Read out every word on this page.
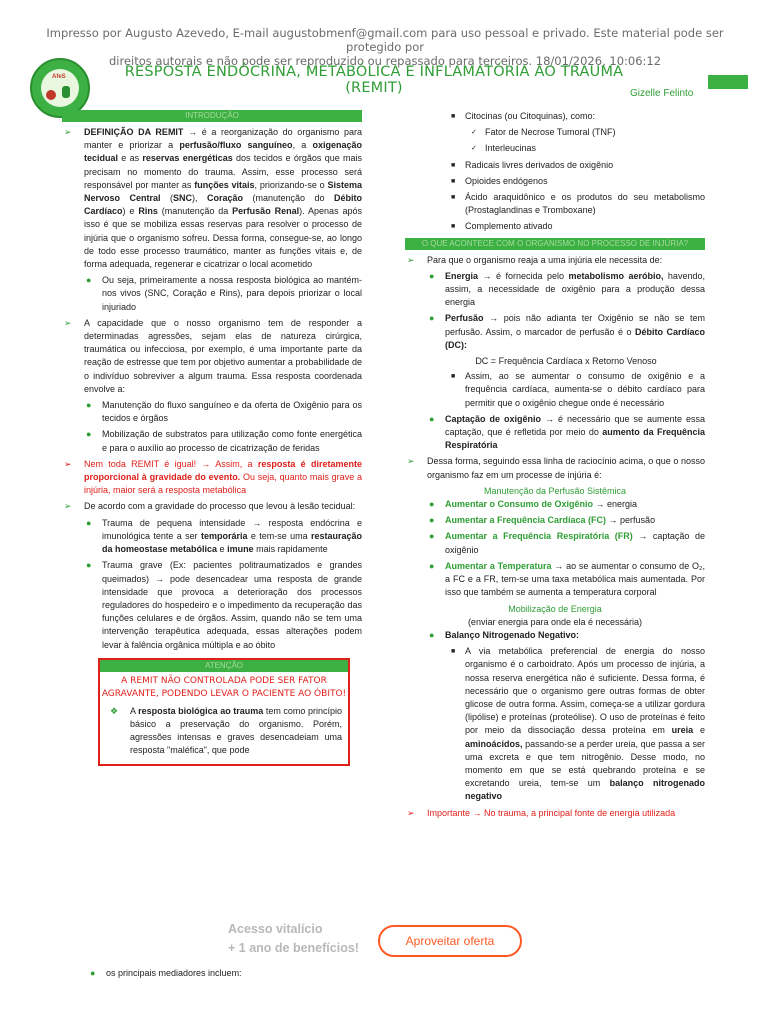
Impresso por Augusto Azevedo, E-mail augustobmenf@gmail.com para uso pessoal e privado. Este material pode ser protegido por
direitos autorais e não pode ser reproduzido ou repassado para terceiros. 18/01/2026, 10:06:12
AfeS	RESPOSTA ENDÓCRINA, METABÓLICA E INFLAMATÓRIA AO TRAUMA (REMIT)	Gizelle Felinto
INTRODUÇÃO
➢ DEFINIÇÃO DA REMIT → é a reorganização do organismo para manter e priorizar a perfusão/fluxo sanguíneo, a oxigenação tecidual e as reservas energéticas dos tecidos e órgãos que mais precisam no momento do trauma. Assim, esse processo será responsável por manter as funções vitais, priorizando-se o Sistema Nervoso Central (SNC), Coração (manutenção do Débito Cardíaco) e Rins (manutenção da Perfusão Renal). Apenas após isso é que se mobiliza essas reservas para resolver o processo de injúria que o organismo sofreu. Dessa forma, consegue-se, ao longo de todo esse processo traumático, manter as funções vitais e, de forma adequada, regenerar e cicatrizar o local acometido
● Ou seja, primeiramente a nossa resposta biológica ao mantém-nos vivos (SNC, Coração e Rins), para depois priorizar o local injuriado
➢ A capacidade que o nosso organismo tem de responder a determinadas agressões, sejam elas de natureza cirúrgica, traumática ou infecciosa, por exemplo, é uma importante parte da reação de estresse que tem por objetivo aumentar a probabilidade de o indivíduo sobreviver a algum trauma. Essa resposta coordenada envolve a:
● Manutenção do fluxo sanguíneo e da oferta de Oxigênio para os tecidos e órgãos
● Mobilização de substratos para utilização como fonte energética e para o auxílio ao processo de cicatrização de feridas
➢ Nem toda REMIT é igual! → Assim, a resposta é diretamente proporcional à gravidade do evento. Ou seja, quanto mais grave a injúria, maior será a resposta metabólica
➢ De acordo com a gravidade do processo que levou à lesão tecidual:
● Trauma de pequena intensidade → resposta endócrina e imunológica tente a ser temporária e tem-se uma restauração da homeostase metabólica e imune mais rapidamente
● Trauma grave (Ex: pacientes politraumatizados e grandes queimados) → pode desencadear uma resposta de grande intensidade que provoca a deterioração dos processos reguladores do hospedeiro e o impedimento da recuperação das funções celulares e de órgãos. Assim, quando não se tem uma intervenção terapêutica adequada, essas alterações podem levar à falência orgânica múltipla e ao óbito
ATENÇÃO
A REMIT NÃO CONTROLADA PODE SER FATOR
AGRAVANTE, PODENDO LEVAR O PACIENTE AO ÓBITO!
❖ A resposta biológica ao trauma tem como princípio básico a preservação do organismo. Porém, agressões intensas e graves desencadeiam uma resposta "maléfica", que pode
■ Citocinas (ou Citoquinas), como:
✓ Fator de Necrose Tumoral (TNF)
✓ Interleucinas
■ Radicais livres derivados de oxigênio
■ Opioides endógenos
■ Ácido araquidônico e os produtos do seu metabolismo (Prostaglandinas e Tromboxane)
■ Complemento ativado
O QUE ACONTECE COM O ORGANISMO NO PROCESSO DE INJÚRIA?
➢ Para que o organismo reaja a uma injúria ele necessita de:
● Energia → é fornecida pelo metabolismo aeróbio, havendo, assim, a necessidade de oxigênio para a produção dessa energia
● Perfusão → pois não adianta ter Oxigênio se não se tem perfusão. Assim, o marcador de perfusão é o Débito Cardíaco (DC):
DC = Frequência Cardíaca x Retorno Venoso
■ Assim, ao se aumentar o consumo de oxigênio e a frequência cardíaca, aumenta-se o débito cardíaco para permitir que o oxigênio chegue onde é necessário
● Captação de oxigênio → é necessário que se aumente essa captação, que é refletida por meio do aumento da Frequência Respiratória
➢ Dessa forma, seguindo essa linha de raciocínio acima, o que o nosso organismo faz em um processe de injúria é:
Manutenção da Perfusão Sistêmica
● Aumentar o Consumo de Oxigênio → energia
● Aumentar a Frequência Cardíaca (FC) → perfusão
● Aumentar a Frequência Respiratória (FR) → captação de oxigênio
● Aumentar a Temperatura → ao se aumentar o consumo de O₂, a FC e a FR, tem-se uma taxa metabólica mais aumentada. Por isso que também se aumenta a temperatura corporal
Mobilização de Energia
(enviar energia para onde ela é necessária)
● Balanço Nitrogenado Negativo:
■ A via metabólica preferencial de energia do nosso organismo é o carboidrato. Após um processo de injúria, a nossa reserva energética não é suficiente. Dessa forma, é necessário que o organismo gere outras formas de obter glicose de outra forma. Assim, começa-se a utilizar gordura (lipólise) e proteínas (proteólise). O uso de proteínas é feito por meio da dissociação dessa proteína em ureia e aminoácidos, passando-se a perder ureia, que passa a ser uma excreta e que tem nitrogênio. Desse modo, no momento em que se está quebrando proteína e se excretando ureia, tem-se um balanço nitrogenado negativo
➢ Importante → No trauma, a principal fonte de energia utilizada
Acesso vitalício
+ 1 ano de benefícios!	Aproveitar oferta
● os principais mediadores incluem:
